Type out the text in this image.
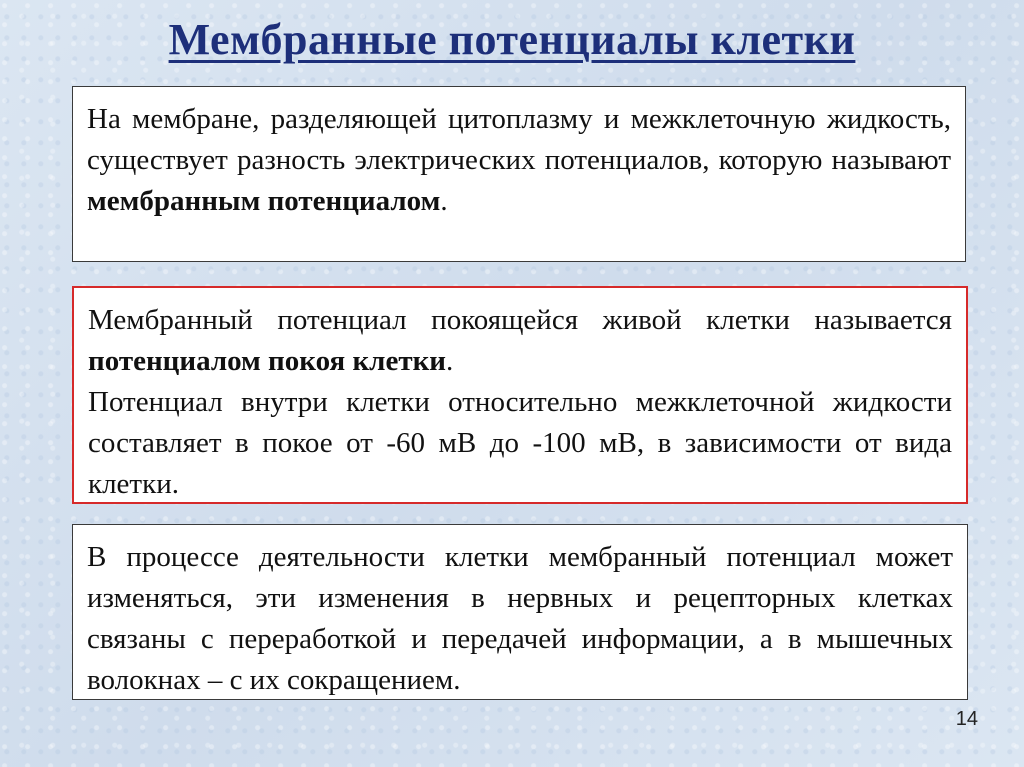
Мембранные потенциалы клетки

На мембране, разделяющей цитоплазму и межклеточную жидкость, существует разность электрических потенциалов, которую называют мембранным потенциалом.

Мембранный потенциал покоящейся живой клетки называется потенциалом покоя клетки.

Потенциал внутри клетки относительно межклеточной жидкости составляет в покое от -60 мВ до -100 мВ, в зависимости от вида клетки.

В процессе деятельности клетки мембранный потенциал может изменяться, эти изменения в нервных и рецепторных клетках связаны с переработкой и передачей информации, а в мышечных волокнах – с их сокращением.

14
